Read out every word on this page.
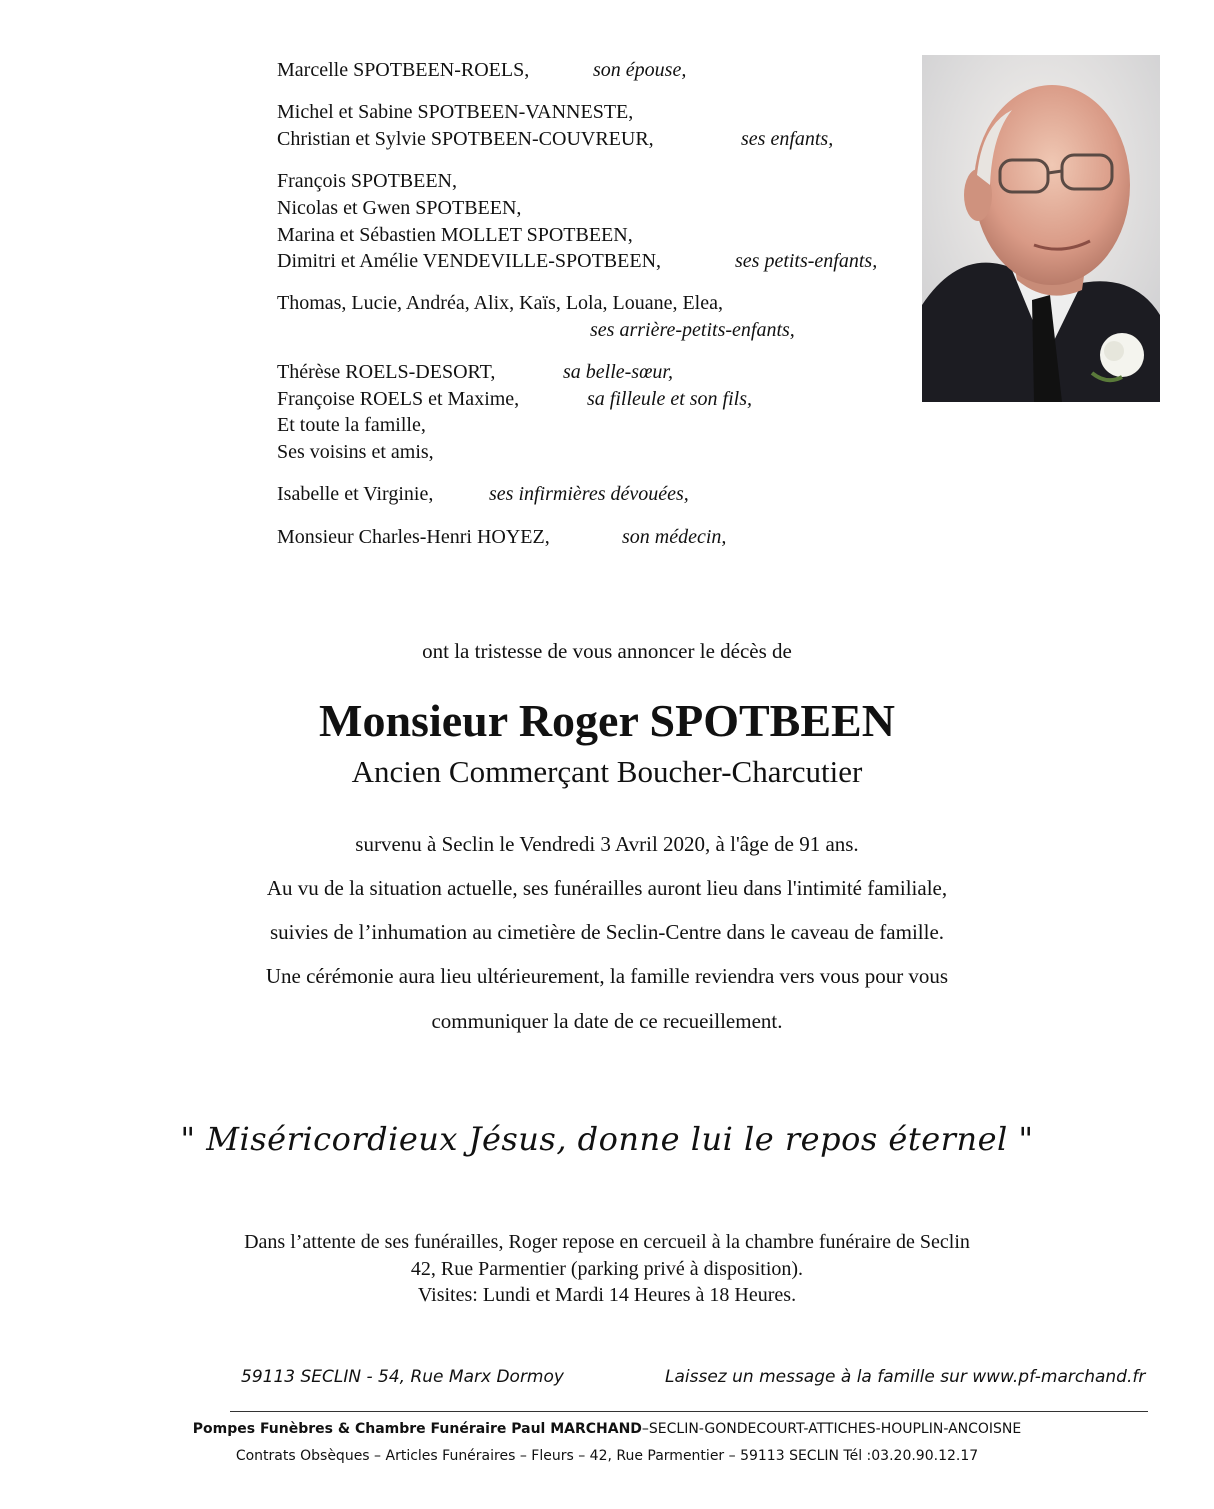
Marcelle SPOTBEEN-ROELS,	son épouse,
Michel et Sabine SPOTBEEN-VANNESTE,
Christian et Sylvie SPOTBEEN-COUVREUR,	ses enfants,
François SPOTBEEN,
Nicolas et Gwen SPOTBEEN,
Marina et Sébastien MOLLET SPOTBEEN,
Dimitri et Amélie VENDEVILLE-SPOTBEEN,	ses petits-enfants,
Thomas, Lucie, Andréa, Alix, Kaïs, Lola, Louane, Elea,
ses arrière-petits-enfants,
Thérèse ROELS-DESORT,	sa belle-sœur,
Françoise ROELS et Maxime,	sa filleule et son fils,
Et toute la famille,
Ses voisins et amis,
Isabelle et Virginie,	ses infirmières dévouées,
Monsieur Charles-Henri HOYEZ,	son médecin,
ont la tristesse de vous annoncer le décès de
Monsieur Roger SPOTBEEN
Ancien Commerçant Boucher-Charcutier
survenu à Seclin le Vendredi 3 Avril 2020, à l'âge de 91 ans.
Au vu de la situation actuelle, ses funérailles auront lieu dans l'intimité familiale,
suivies de l’inhumation au cimetière de Seclin-Centre dans le caveau de famille.
Une cérémonie aura lieu ultérieurement, la famille reviendra vers vous pour vous
communiquer la date de ce recueillement.
" Miséricordieux Jésus, donne lui le repos éternel "
Dans l’attente de ses funérailles, Roger repose en cercueil à la chambre funéraire de Seclin
42, Rue Parmentier (parking privé à disposition).
Visites: Lundi et Mardi 14 Heures à 18 Heures.
59113 SECLIN - 54, Rue Marx Dormoy	Laissez un message à la famille sur www.pf-marchand.fr
Pompes Funèbres & Chambre Funéraire Paul MARCHAND–SECLIN-GONDECOURT-ATTICHES-HOUPLIN-ANCOISNE
Contrats Obsèques – Articles Funéraires – Fleurs – 42, Rue Parmentier – 59113 SECLIN Tél :03.20.90.12.17
